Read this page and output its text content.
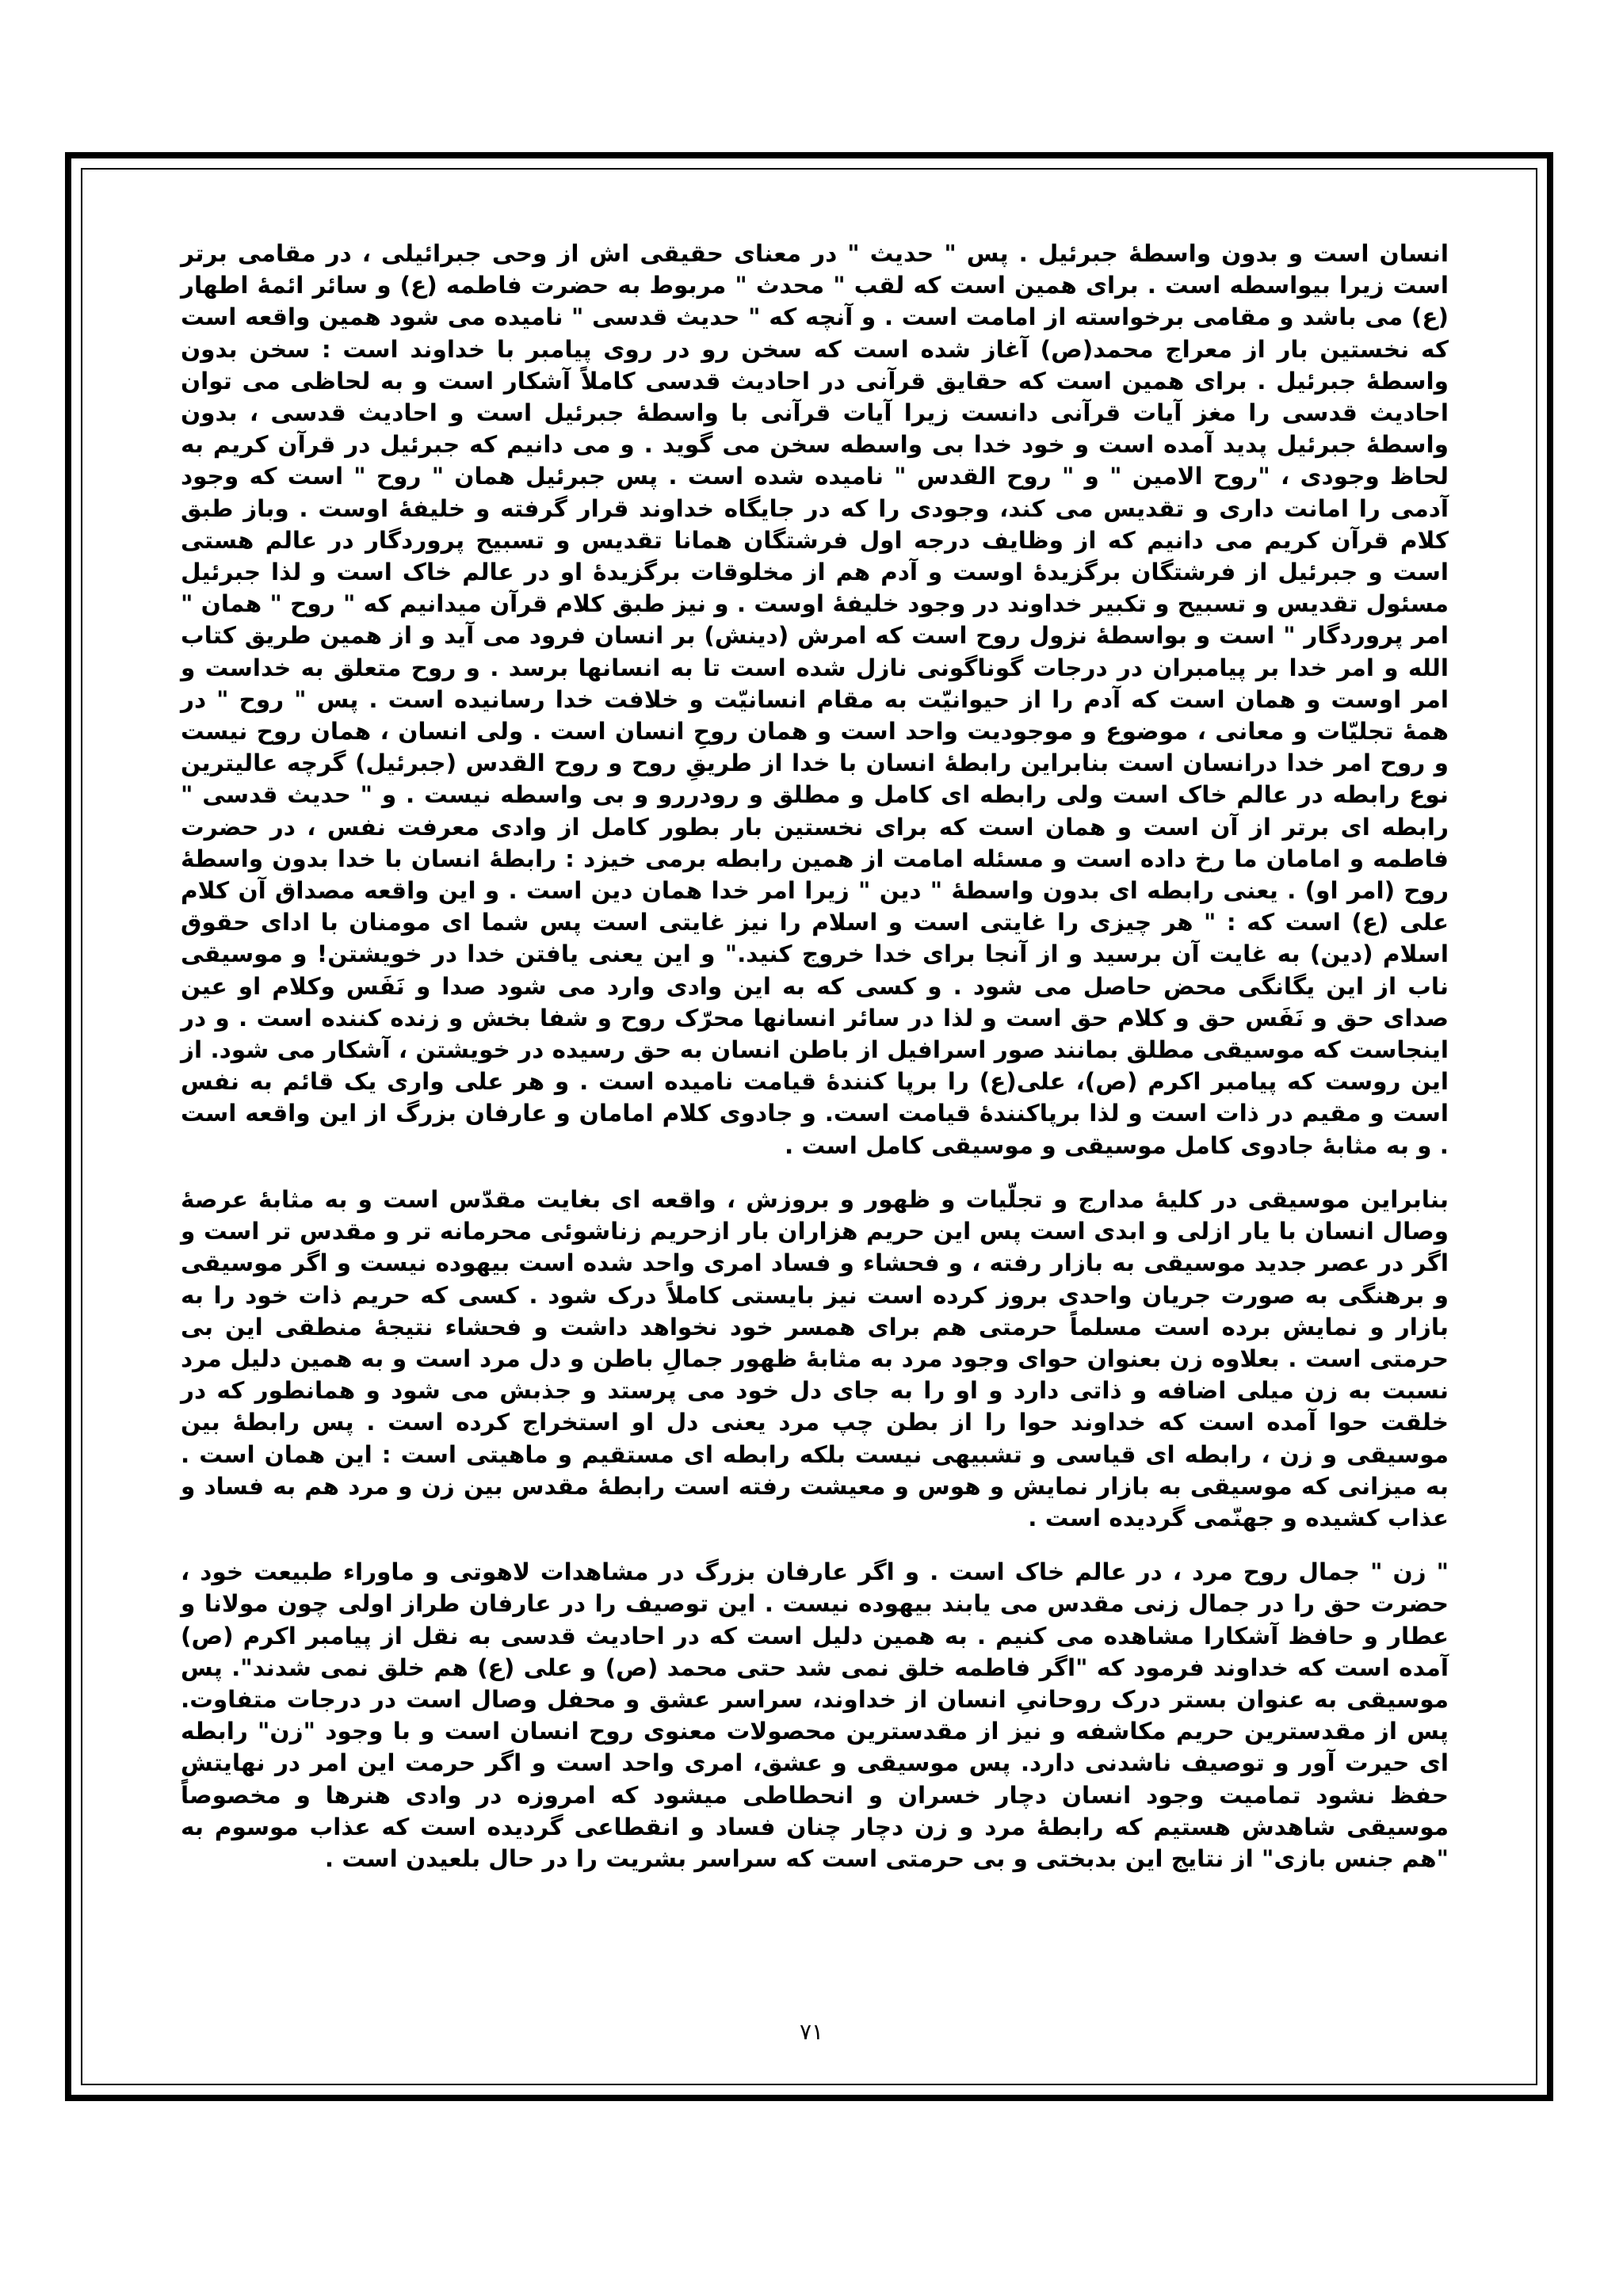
انسان است و بدون واسطهٔ جبرئیل . پس " حدیث " در معنای حقیقی اش از وحی جبرائیلی ، در مقامی برتر است زیرا بیواسطه است . برای همین است که لقب " محدث " مربوط به حضرت فاطمه (ع) و سائر ائمهٔ اطهار (ع) می باشد و مقامی برخواسته از امامت است . و آنچه که " حدیث قدسی " نامیده می شود همین واقعه است که نخستین بار از معراج محمد(ص) آغاز شده است که سخن رو در روی پیامبر با خداوند است : سخن بدون واسطهٔ جبرئیل . برای همین است که حقایق قرآنی در احادیث قدسی کاملاً آشکار است و به لحاظی می توان احادیث قدسی را مغز آیات قرآنی دانست زیرا آیات قرآنی با واسطهٔ جبرئیل است و احادیث قدسی ، بدون واسطهٔ جبرئیل پدید آمده است و خود خدا بی واسطه سخن می گوید . و می دانیم که جبرئیل در قرآن کریم به لحاظ وجودی ، "روح الامین " و " روح القدس " نامیده شده است . پس جبرئیل همان " روح " است که وجود آدمی را امانت داری و تقدیس می کند، وجودی را که در جایگاه خداوند قرار گرفته و خلیفهٔ اوست . وباز طبق کلام قرآن کریم می دانیم که از وظایف درجه اول فرشتگان همانا تقدیس و تسبیح پروردگار در عالم هستی است و جبرئیل از فرشتگان برگزیدهٔ اوست و آدم هم از مخلوقات برگزیدهٔ او در عالم خاک است و لذا جبرئیل مسئول تقدیس و تسبیح و تکبیر خداوند در وجود خلیفهٔ اوست . و نیز طبق کلام قرآن میدانیم که " روح " همان " امر پروردگار " است و بواسطهٔ نزول روح است که امرش (دینش) بر انسان فرود می آید و از همین طریق کتاب الله و امر خدا بر پیامبران در درجات گوناگونی نازل شده است تا به انسانها برسد . و روح متعلق به خداست و امر اوست و همان است که آدم را از حیوانیّت به مقام انسانیّت و خلافت خدا رسانیده است . پس " روح " در همهٔ تجلیّات و معانی ، موضوع و موجودیت واحد است و همان روحِ انسان است . ولی انسان ، همان روح نیست و روح امر خدا درانسان است بنابراین رابطهٔ انسان با خدا از طریقِ روح و روح القدس (جبرئیل) گرچه عالیترین نوع رابطه در عالم خاک است ولی رابطه ای کامل و مطلق و رودررو و بی واسطه نیست . و " حدیث قدسی " رابطه ای برتر از آن است و همان است که برای نخستین بار بطور کامل از وادی معرفت نفس ، در حضرت فاطمه و امامان ما رخ داده است و مسئله امامت از همین رابطه برمی خیزد : رابطهٔ انسان با خدا بدون واسطهٔ روح (امر او) . یعنی رابطه ای بدون واسطهٔ " دین " زیرا امر خدا همان دین است . و این واقعه مصداق آن کلام علی (ع) است که : " هر چیزی را غایتی است و اسلام را نیز غایتی است پس شما ای مومنان با ادای حقوق اسلام (دین) به غایت آن برسید و از آنجا برای خدا خروج کنید." و این یعنی یافتن خدا در خویشتن! و موسیقی ناب از این یگانگی محض حاصل می شود . و کسی که به این وادی وارد می شود صدا و نَفَس وکلام او عین صدای حق و نَفَس حق و کلام حق است و لذا در سائر انسانها محرّک روح و شفا بخش و زنده کننده است . و در اینجاست که موسیقی مطلق بمانند صور اسرافیل از باطن انسان به حق رسیده در خویشتن ، آشکار می شود. از این روست که پیامبر اکرم (ص)، علی(ع) را برپا کنندهٔ قیامت نامیده است . و هر علی واری یک قائم به نفس است و مقیم در ذات است و لذا برپاکنندهٔ قیامت است. و جادوی کلام امامان و عارفان بزرگ از این واقعه است . و به مثابهٔ جادوی کامل موسیقی و موسیقی کامل است .

بنابراین موسیقی در کلیهٔ مدارج و تجلّیات و ظهور و بروزش ، واقعه ای بغایت مقدّس است و به مثابهٔ عرصهٔ وصال انسان با یار ازلی و ابدی است پس این حریم هزاران بار ازحریم زناشوئی محرمانه تر و مقدس تر است و اگر در عصر جدید موسیقی به بازار رفته ، و فحشاء و فساد امری واحد شده است بیهوده نیست و اگر موسیقی و برهنگی به صورت جریان واحدی بروز کرده است نیز بایستی کاملاً درک شود . کسی که حریم ذات خود را به بازار و نمایش برده است مسلماً حرمتی هم برای همسر خود نخواهد داشت و فحشاء نتیجهٔ منطقی این بی حرمتی است . بعلاوه زن بعنوان حوای وجود مرد به مثابهٔ ظهور جمالِ باطن و دل مرد است و به همین دلیل مرد نسبت به زن میلی اضافه و ذاتی دارد و او را به جای دل خود می پرستد و جذبش می شود و همانطور که در خلقت حوا آمده است که خداوند حوا را از بطن چپ مرد یعنی دل او استخراج کرده است . پس رابطهٔ بین موسیقی و زن ، رابطه ای قیاسی و تشبیهی نیست بلکه رابطه ای مستقیم و ماهیتی است : این همان است . به میزانی که موسیقی به بازار نمایش و هوس و معیشت رفته است رابطهٔ مقدس بین زن و مرد هم به فساد و عذاب کشیده و جهنّمی گردیده است .

" زن " جمال روح مرد ، در عالم خاک است . و اگر عارفان بزرگ در مشاهدات لاهوتی و ماوراء طبیعت خود ، حضرت حق را در جمال زنی مقدس می یابند بیهوده نیست . این توصیف را در عارفان طراز اولی چون مولانا و عطار و حافظ آشکارا مشاهده می کنیم . به همین دلیل است که در احادیث قدسی به نقل از پیامبر اکرم (ص) آمده است که خداوند فرمود که "اگر فاطمه خلق نمی شد حتی محمد (ص) و علی (ع) هم خلق نمی شدند". پس موسیقی به عنوان بستر درک روحانیِ انسان از خداوند، سراسر عشق و محفل وصال است در درجات متفاوت. پس از مقدسترین حریم مکاشفه و نیز از مقدسترین محصولات معنوی روح انسان است و با وجود "زن" رابطه ای حیرت آور و توصیف ناشدنی دارد. پس موسیقی و عشق، امری واحد است و اگر حرمت این امر در نهایتش حفظ نشود تمامیت وجود انسان دچار خسران و انحطاطی میشود که امروزه در وادی هنرها و مخصوصاً موسیقی شاهدش هستیم که رابطهٔ مرد و زن دچار چنان فساد و انقطاعی گردیده است که عذاب موسوم به "هم جنس بازی" از نتایج این بدبختی و بی حرمتی است که سراسر بشریت را در حال بلعیدن است .

۷۱
